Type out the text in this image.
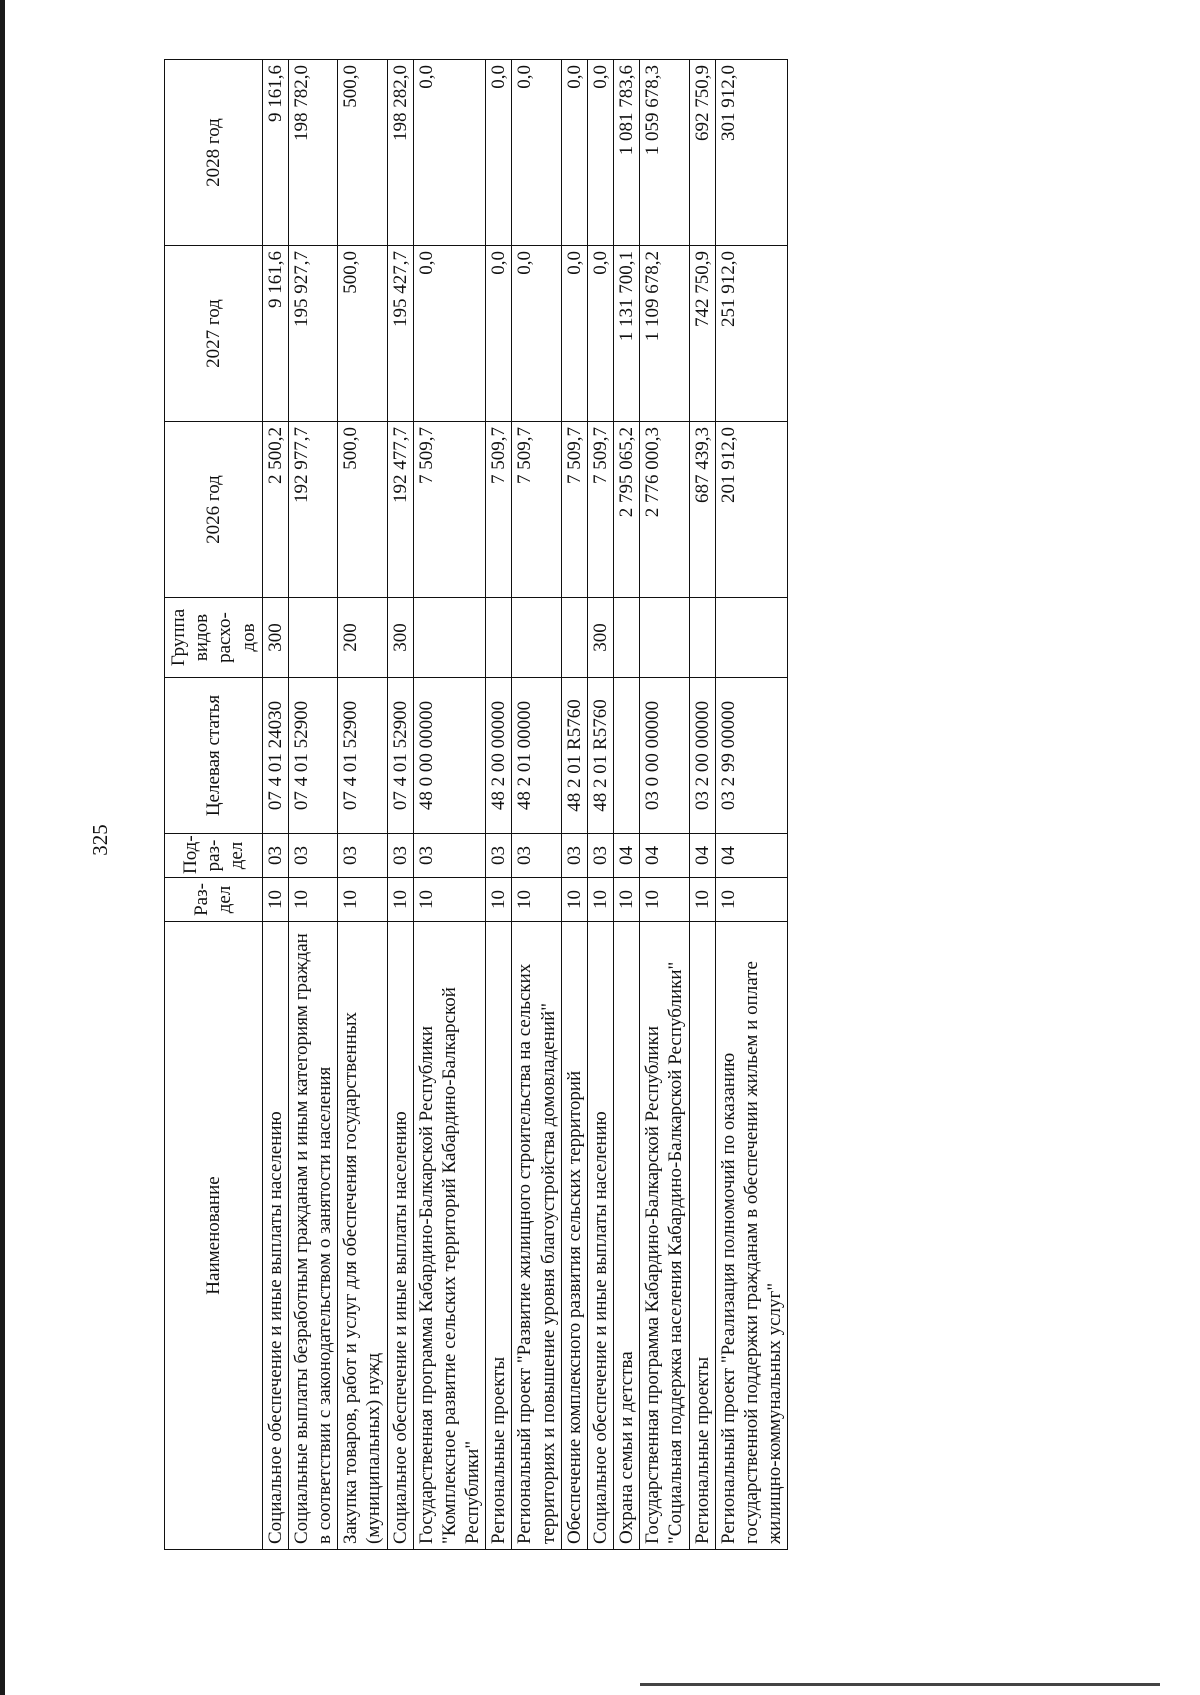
325
Наименование	Раз-дел	Под-раз-дел	Целевая статья	Группа видов расхо-дов	2026 год	2027 год	2028 год
Социальное обеспечение и иные выплаты населению	10	03	07 4 01 24030	300	2 500,2	9 161,6	9 161,6
Социальные выплаты безработным гражданам и иным категориям граждан в соответствии с законодательством о занятости населения	10	03	07 4 01 52900		192 977,7	195 927,7	198 782,0
Закупка товаров, работ и услуг для обеспечения государственных (муниципальных) нужд	10	03	07 4 01 52900	200	500,0	500,0	500,0
Социальное обеспечение и иные выплаты населению	10	03	07 4 01 52900	300	192 477,7	195 427,7	198 282,0
Государственная программа Кабардино-Балкарской Республики "Комплексное развитие сельских территорий Кабардино-Балкарской Республики"	10	03	48 0 00 00000		7 509,7	0,0	0,0
Региональные проекты	10	03	48 2 00 00000		7 509,7	0,0	0,0
Региональный проект "Развитие жилищного строительства на сельских территориях и повышение уровня благоустройства домовладений"	10	03	48 2 01 00000		7 509,7	0,0	0,0
Обеспечение комплексного развития сельских территорий	10	03	48 2 01 R5760		7 509,7	0,0	0,0
Социальное обеспечение и иные выплаты населению	10	03	48 2 01 R5760	300	7 509,7	0,0	0,0
Охрана семьи и детства	10	04			2 795 065,2	1 131 700,1	1 081 783,6
Государственная программа Кабардино-Балкарской Республики "Социальная поддержка населения Кабардино-Балкарской Республики"	10	04	03 0 00 00000		2 776 000,3	1 109 678,2	1 059 678,3
Региональные проекты	10	04	03 2 00 00000		687 439,3	742 750,9	692 750,9
Региональный проект "Реализация полномочий по оказанию государственной поддержки гражданам в обеспечении жильем и оплате жилищно-коммунальных услуг"	10	04	03 2 99 00000		201 912,0	251 912,0	301 912,0
